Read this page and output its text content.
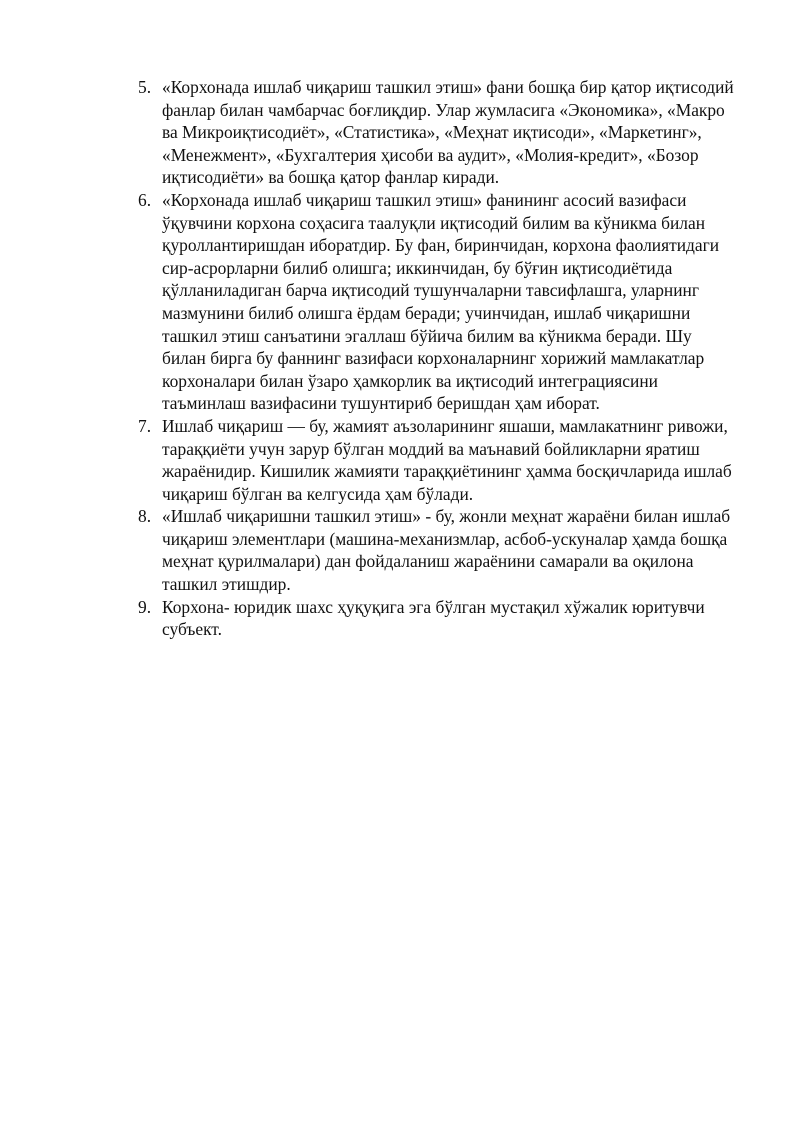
5. «Корхонада ишлаб чиқариш ташкил этиш» фани бошқа бир қатор иқтисодий фанлар билан чамбарчас боғлиқдир. Улар жумласига «Экономика», «Макро ва Микроиқтисодиёт», «Статистика», «Меҳнат иқтисоди», «Маркетинг», «Менежмент», «Бухгалтерия ҳисоби ва аудит», «Молия-кредит», «Бозор иқтисодиёти» ва бошқа қатор фанлар киради.
6. «Корхонада ишлаб чиқариш ташкил этиш» фанининг асосий вазифаси ўқувчини корхона соҳасига таалуқли иқтисодий билим ва кўникма билан қуроллантиришдан иборатдир. Бу фан, биринчидан, корхона фаолиятидаги сир-асрорларни билиб олишга; иккинчидан, бу бўғин иқтисодиётида қўлланиладиган барча иқтисодий тушунчаларни тавсифлашга, уларнинг мазмунини билиб олишга ёрдам беради; учинчидан, ишлаб чиқаришни ташкил этиш санъатини эгаллаш бўйича билим ва кўникма беради. Шу билан бирга бу фаннинг вазифаси корхоналарнинг хорижий мамлакатлар корхоналари билан ўзаро ҳамкорлик ва иқтисодий интеграциясини таъминлаш вазифасини тушунтириб беришдан ҳам иборат.
7. Ишлаб чиқариш — бу, жамият аъзоларининг яшаши, мамлакатнинг ривожи, тараққиёти учун зарур бўлган моддий ва маънавий бойликларни яратиш жараёнидир. Кишилик жамияти тараққиётининг ҳамма босқичларида ишлаб чиқариш бўлган ва келгусида ҳам бўлади.
8. «Ишлаб чиқаришни ташкил этиш» - бу, жонли меҳнат жараёни билан ишлаб чиқариш элементлари (машина-механизмлар, асбоб-ускуналар ҳамда бошқа меҳнат қурилмалари) дан фойдаланиш жараёнини самарали ва оқилона ташкил этишдир.
9. Корхона- юридик шахс ҳуқуқига эга бўлган мустақил хўжалик юритувчи субъект.
